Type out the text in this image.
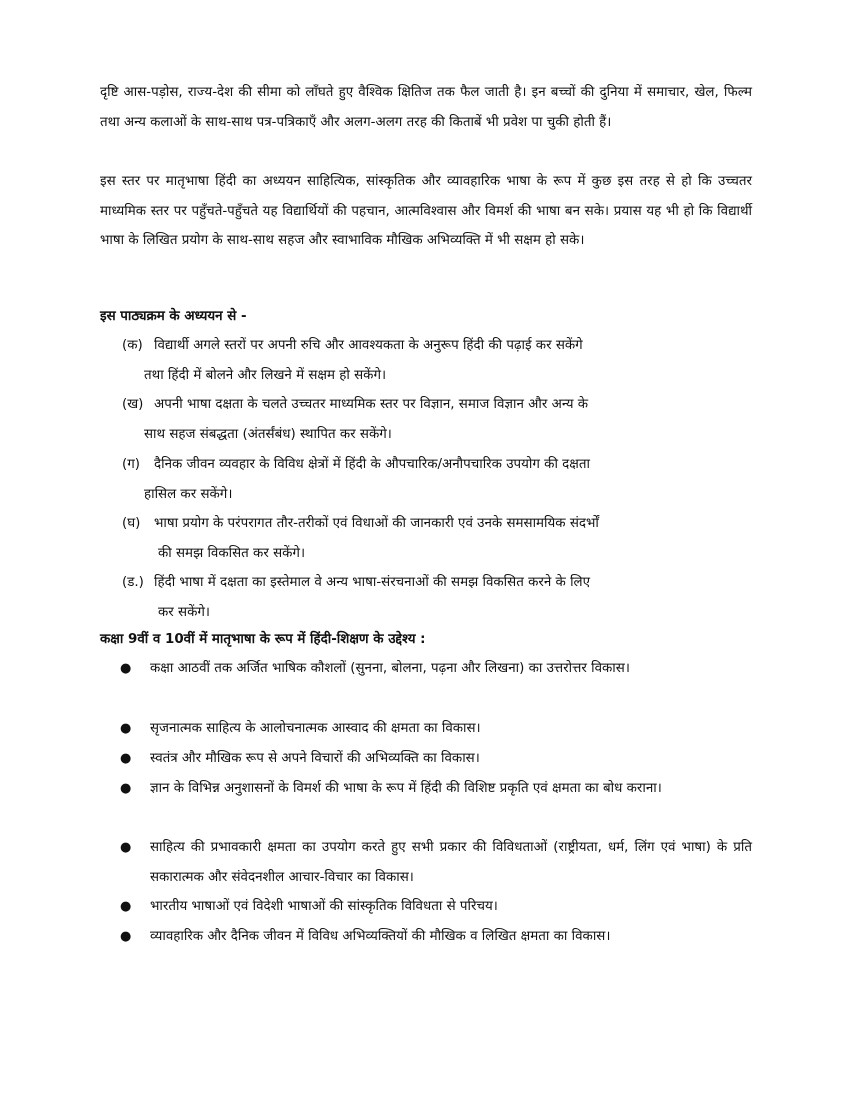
दृष्टि आस-पड़ोस, राज्य-देश की सीमा को लाँघते हुए वैश्विक क्षितिज तक फैल जाती है। इन बच्चों की दुनिया में समाचार, खेल, फिल्म तथा अन्य कलाओं के साथ-साथ पत्र-पत्रिकाएँ और अलग-अलग तरह की किताबें भी प्रवेश पा चुकी होती हैं।

इस स्तर पर मातृभाषा हिंदी का अध्ययन साहित्यिक, सांस्कृतिक और व्यावहारिक भाषा के रूप में कुछ इस तरह से हो कि उच्चतर माध्यमिक स्तर पर पहुँचते-पहुँचते यह विद्यार्थियों की पहचान, आत्मविश्वास और विमर्श की भाषा बन सके। प्रयास यह भी हो कि विद्यार्थी भाषा के लिखित प्रयोग के साथ-साथ सहज और स्वाभाविक मौखिक अभिव्यक्ति में भी सक्षम हो सके।

इस पाठ्यक्रम के अध्ययन से -

(क) विद्यार्थी अगले स्तरों पर अपनी रुचि और आवश्यकता के अनुरूप हिंदी की पढ़ाई कर सकेंगे
तथा हिंदी में बोलने और लिखने में सक्षम हो सकेंगे।
(ख) अपनी भाषा दक्षता के चलते उच्चतर माध्यमिक स्तर पर विज्ञान, समाज विज्ञान और अन्य के
साथ सहज संबद्धता (अंतर्संबंध) स्थापित कर सकेंगे।
(ग) दैनिक जीवन व्यवहार के विविध क्षेत्रों में हिंदी के औपचारिक/अनौपचारिक उपयोग की दक्षता
हासिल कर सकेंगे।
(घ) भाषा प्रयोग के परंपरागत तौर-तरीकों एवं विधाओं की जानकारी एवं उनके समसामयिक संदर्भों
की समझ विकसित कर सकेंगे।
(ड.) हिंदी भाषा में दक्षता का इस्तेमाल वे अन्य भाषा-संरचनाओं की समझ विकसित करने के लिए
कर सकेंगे।

कक्षा 9वीं व 10वीं में मातृभाषा के रूप में हिंदी-शिक्षण के उद्देश्य :

●	कक्षा आठवीं तक अर्जित भाषिक कौशलों (सुनना, बोलना, पढ़ना और लिखना) का उत्तरोत्तर विकास।
●	सृजनात्मक साहित्य के आलोचनात्मक आस्वाद की क्षमता का विकास।
●	स्वतंत्र और मौखिक रूप से अपने विचारों की अभिव्यक्ति का विकास।
●	ज्ञान के विभिन्न अनुशासनों के विमर्श की भाषा के रूप में हिंदी की विशिष्ट प्रकृति एवं क्षमता का बोध कराना।
●	साहित्य की प्रभावकारी क्षमता का उपयोग करते हुए सभी प्रकार की विविधताओं (राष्ट्रीयता, धर्म, लिंग एवं भाषा) के प्रति सकारात्मक और संवेदनशील आचार-विचार का विकास।
●	भारतीय भाषाओं एवं विदेशी भाषाओं की सांस्कृतिक विविधता से परिचय।
●	व्यावहारिक और दैनिक जीवन में विविध अभिव्यक्तियों की मौखिक व लिखित क्षमता का विकास।
